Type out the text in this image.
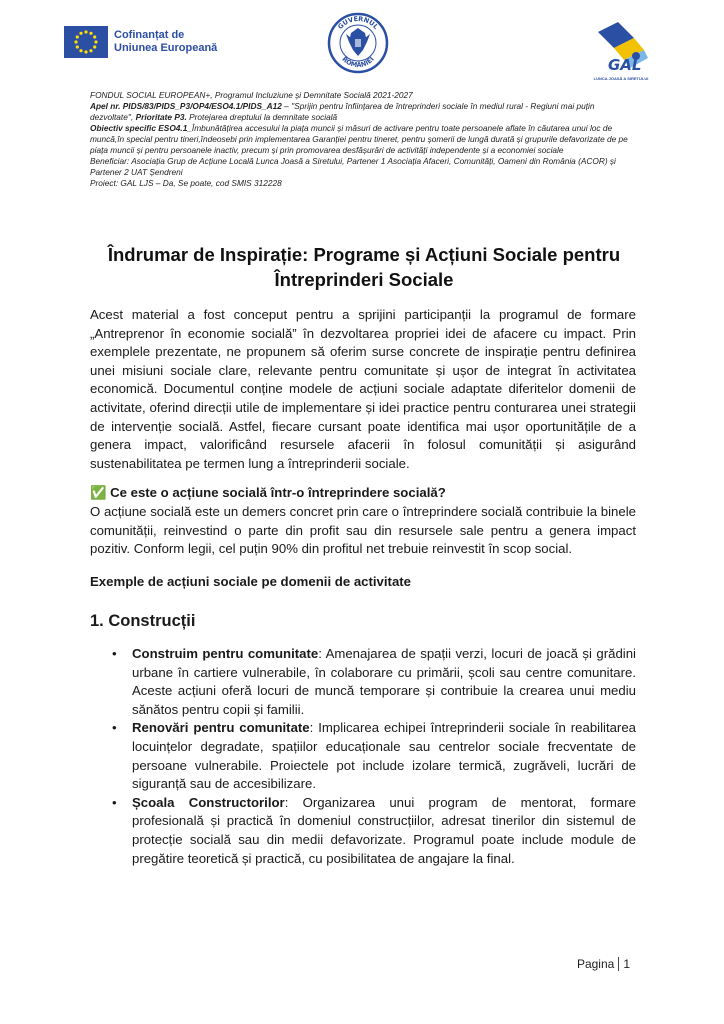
Cofinanțat de
Uniunea Europeană
GUVERNUL
ROMÂNIEI	GAL
LUNCA JOASĂ A SIRETULUI

FONDUL SOCIAL EUROPEAN+, Programul Incluziune și Demnitate Socială 2021-2027

Apel nr. PIDS/83/PIDS_P3/OP4/ESO4.1/PIDS_A12 – ''Sprijin pentru înființarea de întreprinderi sociale în mediul rural - Regiuni mai puțin dezvoltate'', Prioritate P3. Protejarea dreptului la demnitate socială

Obiectiv specific ESO4.1_Îmbunătățirea accesului la piața muncii și măsuri de activare pentru toate persoanele aflate în căutarea unui loc de muncă,în special pentru tineri,îndeosebi prin implementarea Garanției pentru tineret, pentru șomerii de lungă durată și grupurile defavorizate de pe piața muncii și pentru persoanele inactiv, precum și prin promovarea desfășurări de activități independente și a economiei sociale

Beneficiar: Asociația Grup de Acțiune Locală Lunca Joasă a Siretului, Partener 1 Asociația Afaceri, Comunități, Oameni din România (ACOR) și Partener 2 UAT Șendreni

Proiect: GAL LJS – Da, Se poate, cod SMIS 312228

Îndrumar de Inspirație: Programe și Acțiuni Sociale pentru Întreprinderi Sociale

Acest material a fost conceput pentru a sprijini participanții la programul de formare „Antreprenor în economie socială” în dezvoltarea propriei idei de afacere cu impact. Prin exemplele prezentate, ne propunem să oferim surse concrete de inspirație pentru definirea unei misiuni sociale clare, relevante pentru comunitate și ușor de integrat în activitatea economică. Documentul conține modele de acțiuni sociale adaptate diferitelor domenii de activitate, oferind direcții utile de implementare și idei practice pentru conturarea unei strategii de intervenție socială. Astfel, fiecare cursant poate identifica mai ușor oportunitățile de a genera impact, valorificând resursele afacerii în folosul comunității și asigurând sustenabilitatea pe termen lung a întreprinderii sociale.

✅ Ce este o acțiune socială într-o întreprindere socială?

O acțiune socială este un demers concret prin care o întreprindere socială contribuie la binele comunității, reinvestind o parte din profit sau din resursele sale pentru a genera impact pozitiv. Conform legii, cel puțin 90% din profitul net trebuie reinvestit în scop social.

Exemple de acțiuni sociale pe domenii de activitate

1. Construcții
• Construim pentru comunitate: Amenajarea de spații verzi, locuri de joacă și grădini urbane în cartiere vulnerabile, în colaborare cu primării, școli sau centre comunitare. Aceste acțiuni oferă locuri de muncă temporare și contribuie la crearea unui mediu sănătos pentru copii și familii.
• Renovări pentru comunitate: Implicarea echipei întreprinderii sociale în reabilitarea locuințelor degradate, spațiilor educaționale sau centrelor sociale frecventate de persoane vulnerabile. Proiectele pot include izolare termică, zugrăveli, lucrări de siguranță sau de accesibilizare.
• Școala Constructorilor: Organizarea unui program de mentorat, formare profesională și practică în domeniul construcțiilor, adresat tinerilor din sistemul de protecție socială sau din medii defavorizate. Programul poate include module de pregătire teoretică și practică, cu posibilitatea de angajare la final.
Pagina 1
